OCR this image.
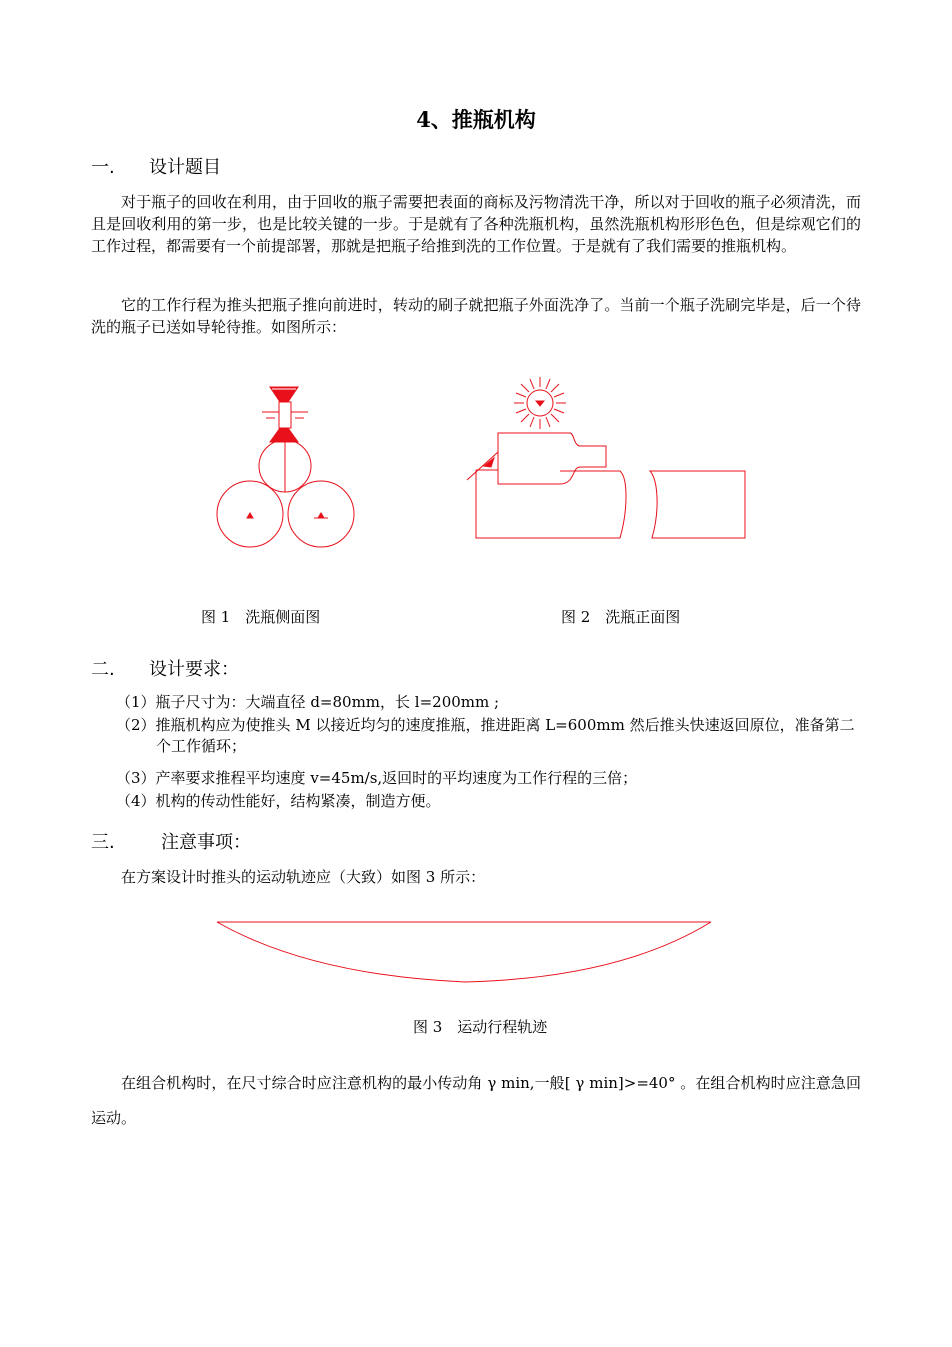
4、推瓶机构
一. 设计题目

对于瓶子的回收在利用，由于回收的瓶子需要把表面的商标及污物清洗干净，所以对于回收的瓶子必须清洗，而且是回收利用的第一步，也是比较关键的一步。于是就有了各种洗瓶机构，虽然洗瓶机构形形色色，但是综观它们的工作过程，都需要有一个前提部署，那就是把瓶子给推到洗的工作位置。于是就有了我们需要的推瓶机构。

它的工作行程为推头把瓶子推向前进时，转动的刷子就把瓶子外面洗净了。当前一个瓶子洗刷完毕是，后一个待洗的瓶子已送如导轮待推。如图所示：

图 1　洗瓶侧面图	图 2　洗瓶正面图
二. 设计要求：

（1）瓶子尺寸为：大端直径 d=80mm，长 l=200mm ;

（2）推瓶机构应为使推头 M 以接近均匀的速度推瓶，推进距离 L=600mm 然后推头快速返回原位，准备第二个工作循环；

（3）产率要求推程平均速度 v=45m/s,返回时的平均速度为工作行程的三倍；

（4）机构的传动性能好，结构紧凑，制造方便。

三.	注意事项：

在方案设计时推头的运动轨迹应（大致）如图 3 所示：

图 3　运动行程轨迹

在组合机构时，在尺寸综合时应注意机构的最小传动角 γ min,一般[ γ min]>=40° 。在组合机构时应注意急回运动。
